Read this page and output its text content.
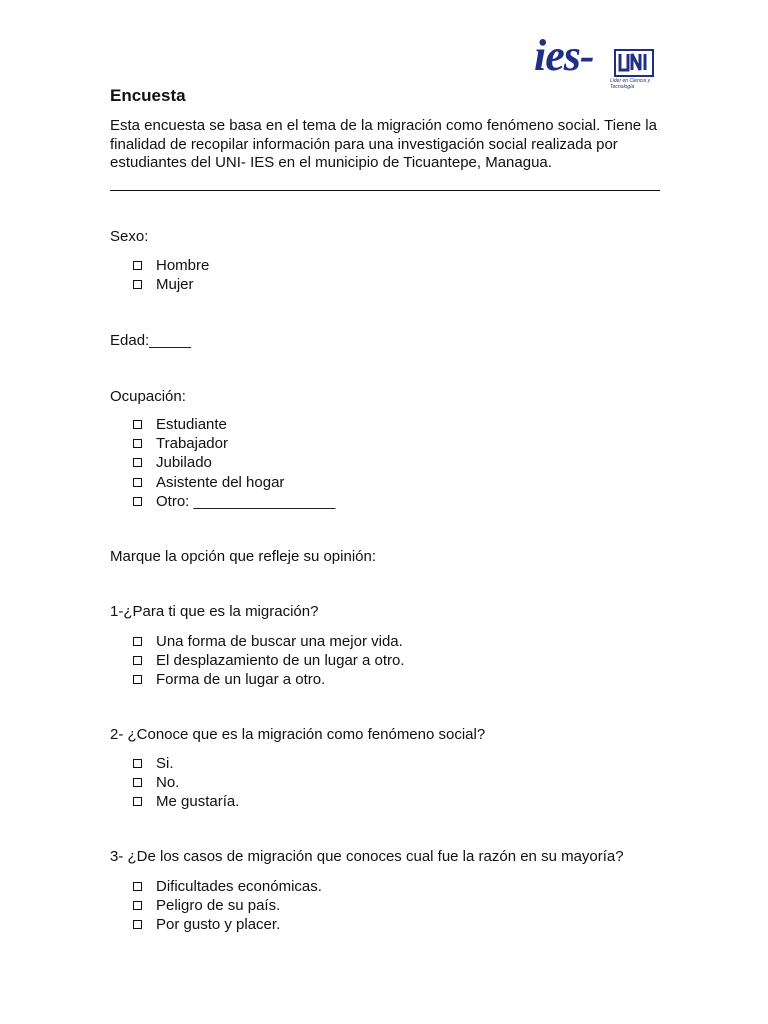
ies-
Lider en Ciencia y Tecnología
Encuesta

Esta encuesta se basa en el tema de la migración como fenómeno social. Tiene la finalidad de recopilar información para una investigación social realizada por estudiantes del UNI- IES en el municipio de Ticuantepe, Managua.

Sexo:

Hombre
Mujer

Edad:_____

Ocupación:

Estudiante
Trabajador
Jubilado
Asistente del hogar
Otro: _________________

Marque la opción que refleje su opinión:

1-¿Para ti que es la migración?

Una forma de buscar una mejor vida.
El desplazamiento de un lugar a otro.
Forma de un lugar a otro.

2- ¿Conoce que es la migración como fenómeno social?

Si.
No.
Me gustaría.

3- ¿De los casos de migración que conoces cual fue la razón en su mayoría?

Dificultades económicas.
Peligro de su país.
Por gusto y placer.
